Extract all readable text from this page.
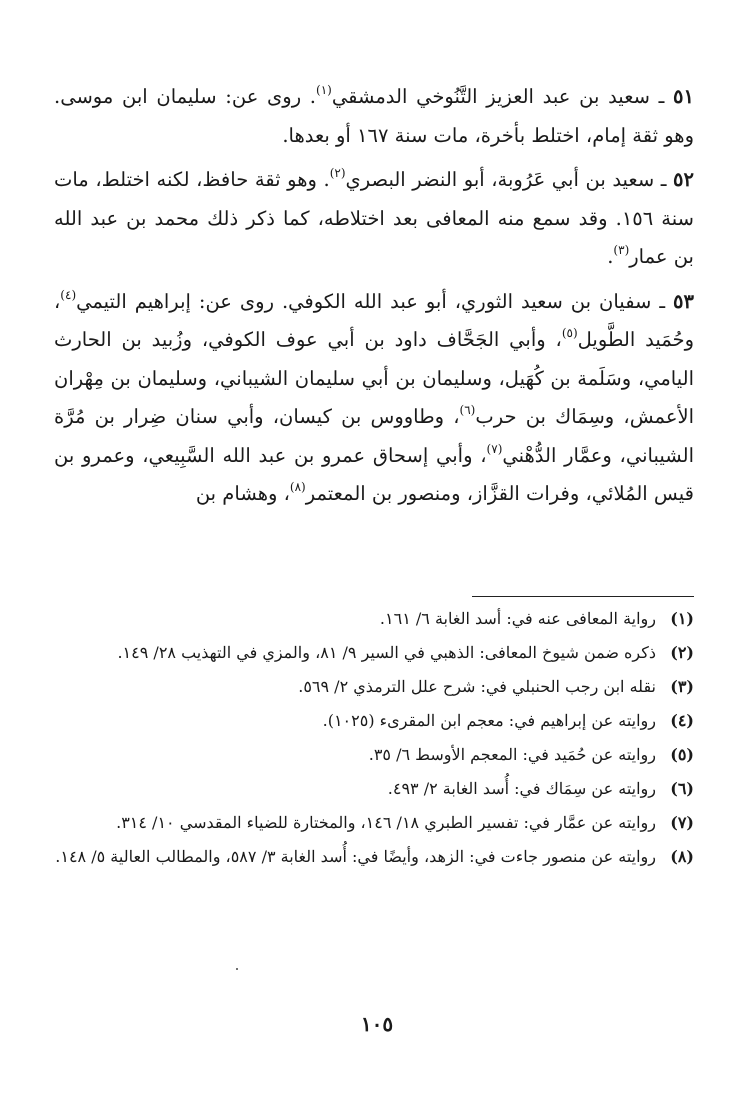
٥١ ـ سعيد بن عبد العزيز التَّنُوخي الدمشقي$^{(١)}$. روى عن: سليمان ابن موسى. وهو ثقة إمام، اختلط بأخرة، مات سنة ١٦٧ أو بعدها.

٥٢ ـ سعيد بن أبي عَرُوبة، أبو النضر البصري$^{(٢)}$. وهو ثقة حافظ، لكنه اختلط، مات سنة ١٥٦. وقد سمع منه المعافى بعد اختلاطه، كما ذكر ذلك محمد بن عبد الله بن عمار$^{(٣)}$.

٥٣ ـ سفيان بن سعيد الثوري، أبو عبد الله الكوفي. روى عن: إبراهيم التيمي$^{(٤)}$، وحُمَيد الطَّويل$^{(٥)}$، وأبي الجَحَّاف داود بن أبي عوف الكوفي، وزُبيد بن الحارث اليامي، وسَلَمة بن كُهَيل، وسليمان بن أبي سليمان الشيباني، وسليمان بن مِهْران الأعمش، وسِمَاك بن حرب$^{(٦)}$، وطاووس بن كيسان، وأبي سنان ضِرار بن مُرَّة الشيباني، وعمَّار الدُّهْني$^{(٧)}$، وأبي إسحاق عمرو بن عبد الله السَّبِيعي، وعمرو بن قيس المُلائي، وفرات القزَّاز، ومنصور بن المعتمر$^{(٨)}$، وهشام بن

(١)
رواية المعافى عنه في: أسد الغابة ٦/ ١٦١.
(٢)
ذكره ضمن شيوخ المعافى: الذهبي في السير ٩/ ٨١، والمزي في التهذيب ٢٨/ ١٤٩.
(٣)
نقله ابن رجب الحنبلي في: شرح علل الترمذي ٢/ ٥٦٩.
(٤)
روايته عن إبراهيم في: معجم ابن المقرىء (١٠٢٥).
(٥)
روايته عن حُمَيد في: المعجم الأوسط ٦/ ٣٥.
(٦)
روايته عن سِمَاك في: أُسد الغابة ٢/ ٤٩٣.
(٧)
روايته عن عمَّار في: تفسير الطبري ١٨/ ١٤٦، والمختارة للضياء المقدسي ١٠/ ٣١٤.
(٨)
روايته عن منصور جاءت في: الزهد، وأيضًا في: أُسد الغابة ٣/ ٥٨٧، والمطالب العالية ٥/ ١٤٨.
١٠٥
